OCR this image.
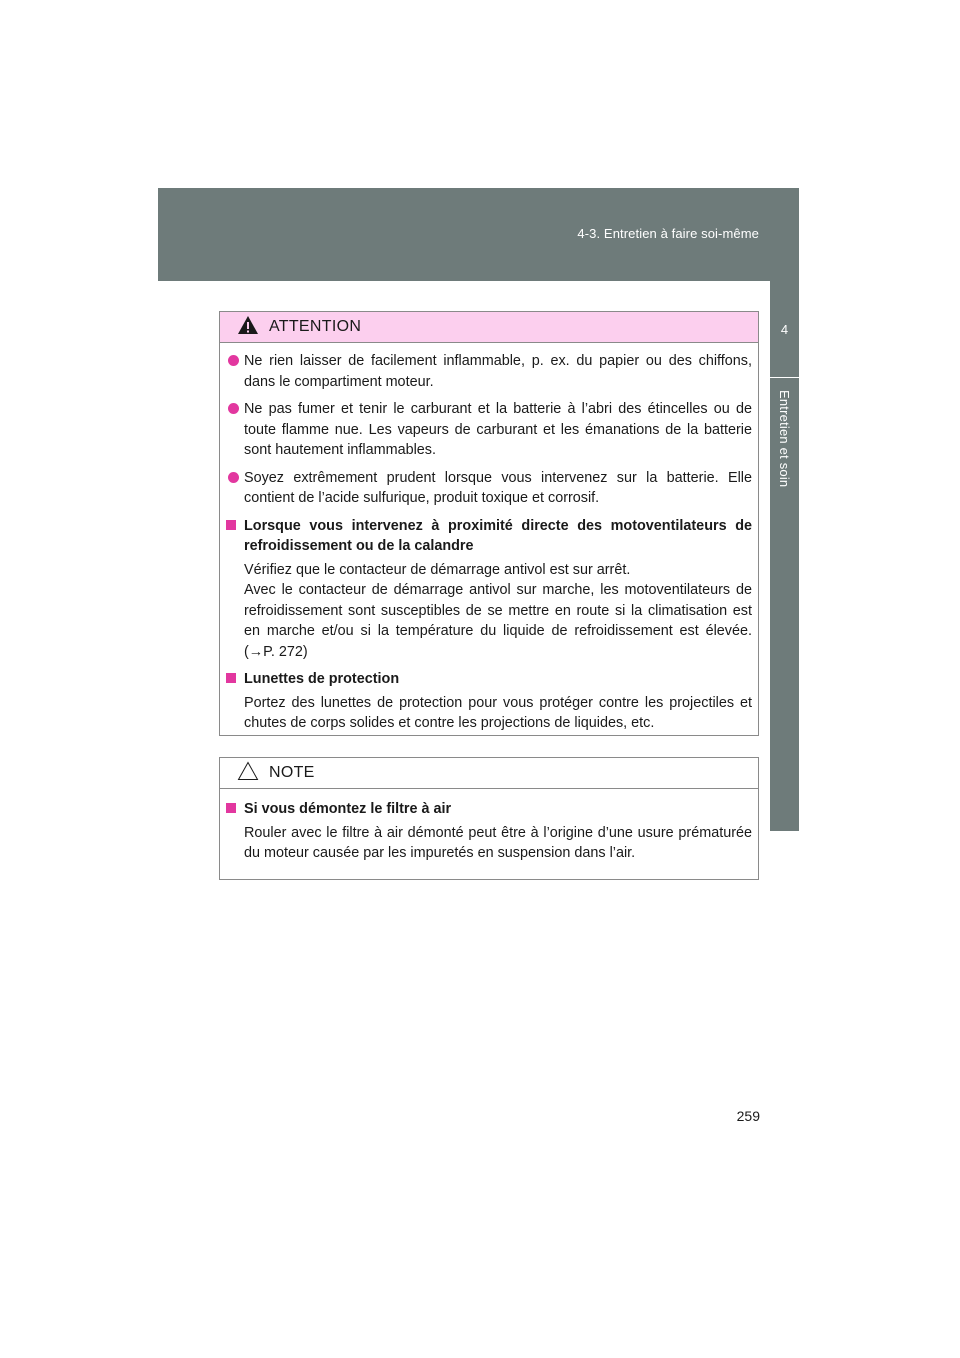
4-3. Entretien à faire soi-même
4
Entretien et soin
ATTENTION
Ne rien laisser de facilement inflammable, p. ex. du papier ou des chiffons, dans le compartiment moteur.
Ne pas fumer et tenir le carburant et la batterie à l’abri des étincelles ou de toute flamme nue. Les vapeurs de carburant et les émanations de la batterie sont hautement inflammables.
Soyez extrêmement prudent lorsque vous intervenez sur la batterie. Elle contient de l’acide sulfurique, produit toxique et corrosif.
Lorsque vous intervenez à proximité directe des motoventilateurs de refroidissement ou de la calandre
Vérifiez que le contacteur de démarrage antivol est sur arrêt.
Avec le contacteur de démarrage antivol sur marche, les motoventilateurs de refroidissement sont susceptibles de se mettre en route si la climatisation est en marche et/ou si la température du liquide de refroidissement est élevée. (→P. 272)
Lunettes de protection
Portez des lunettes de protection pour vous protéger contre les projectiles et chutes de corps solides et contre les projections de liquides, etc.
NOTE
Si vous démontez le filtre à air
Rouler avec le filtre à air démonté peut être à l’origine d’une usure prématurée du moteur causée par les impuretés en suspension dans l’air.
259
